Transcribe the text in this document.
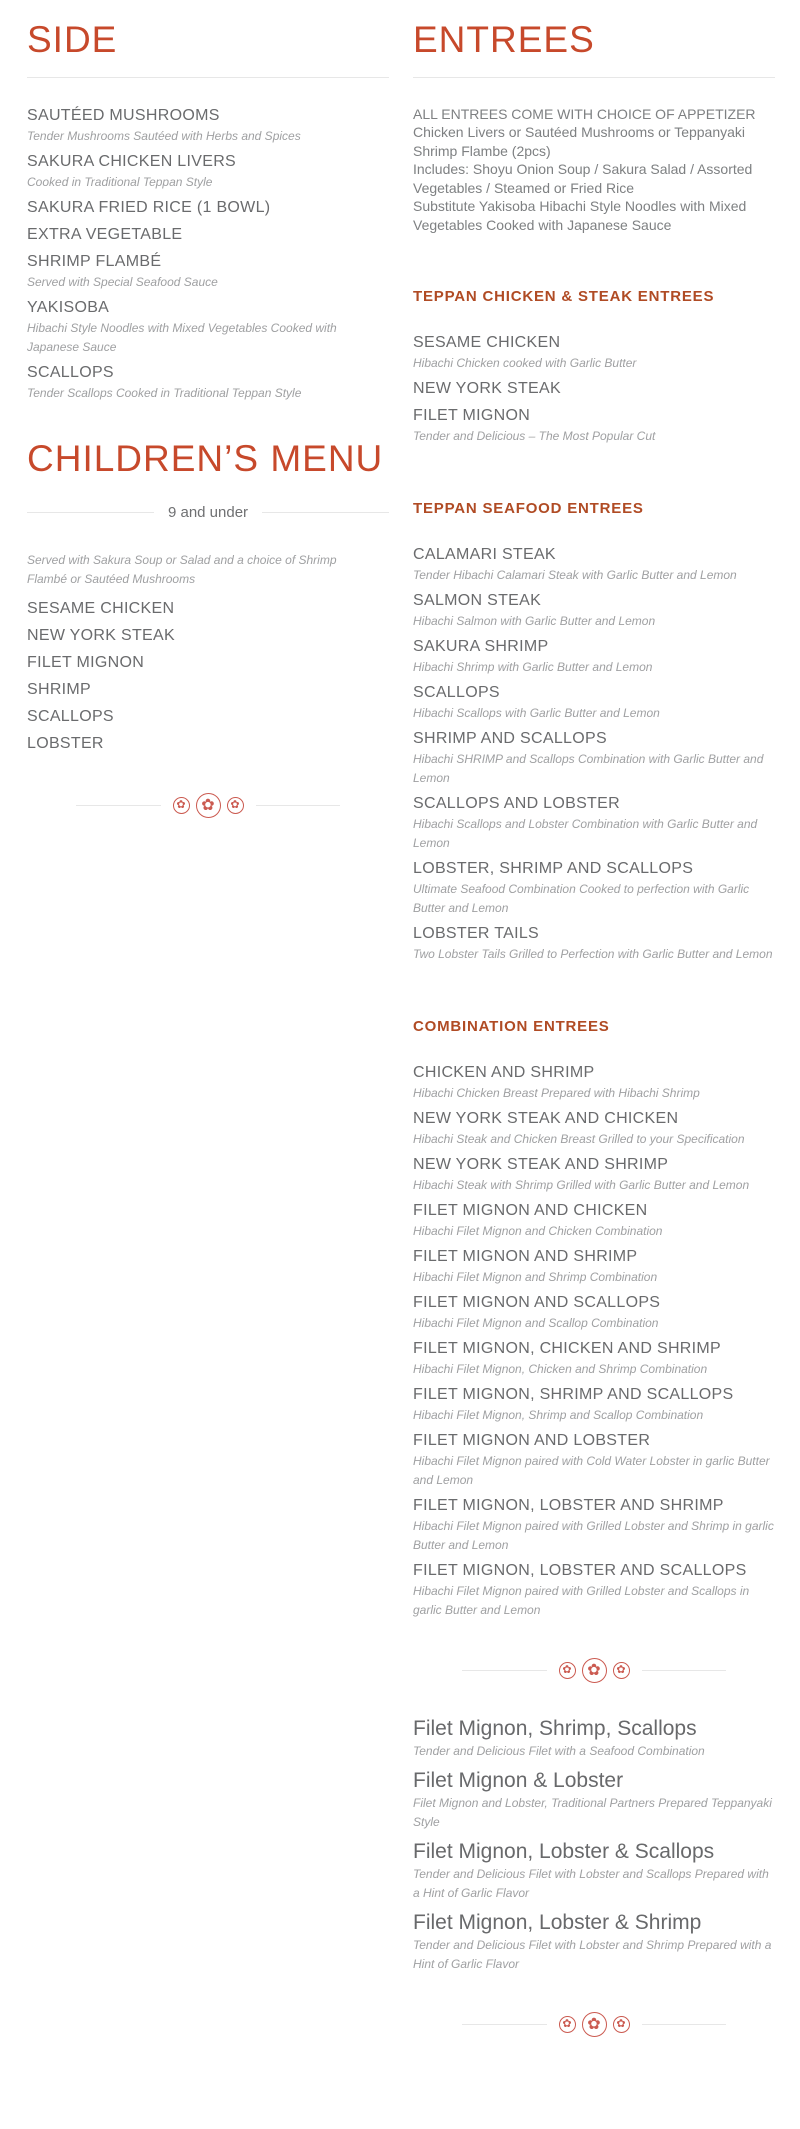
SIDE
SAUTÉED MUSHROOMS
Tender Mushrooms Sautéed with Herbs and Spices
SAKURA CHICKEN LIVERS
Cooked in Traditional Teppan Style
SAKURA FRIED RICE (1 BOWL)
EXTRA VEGETABLE
SHRIMP FLAMBÉ
Served with Special Seafood Sauce
YAKISOBA
Hibachi Style Noodles with Mixed Vegetables Cooked with Japanese Sauce
SCALLOPS
Tender Scallops Cooked in Traditional Teppan Style
CHILDREN’S MENU
9 and under

Served with Sakura Soup or Salad and a choice of Shrimp Flambé or Sautéed Mushrooms

SESAME CHICKEN
NEW YORK STEAK
FILET MIGNON
SHRIMP
SCALLOPS
LOBSTER
✿ ✿ ✿
ENTREES

ALL ENTREES COME WITH CHOICE OF APPETIZER

Chicken Livers or Sautéed Mushrooms or Teppanyaki Shrimp Flambe (2pcs)

Includes: Shoyu Onion Soup / Sakura Salad / Assorted Vegetables / Steamed or Fried Rice

Substitute Yakisoba Hibachi Style Noodles with Mixed Vegetables Cooked with Japanese Sauce

TEPPAN CHICKEN & STEAK ENTREES
SESAME CHICKEN
Hibachi Chicken cooked with Garlic Butter
NEW YORK STEAK
FILET MIGNON
Tender and Delicious – The Most Popular Cut
TEPPAN SEAFOOD ENTREES
CALAMARI STEAK
Tender Hibachi Calamari Steak with Garlic Butter and Lemon
SALMON STEAK
Hibachi Salmon with Garlic Butter and Lemon
SAKURA SHRIMP
Hibachi Shrimp with Garlic Butter and Lemon
SCALLOPS
Hibachi Scallops with Garlic Butter and Lemon
SHRIMP AND SCALLOPS
Hibachi SHRIMP and Scallops Combination with Garlic Butter and Lemon
SCALLOPS AND LOBSTER
Hibachi Scallops and Lobster Combination with Garlic Butter and Lemon
LOBSTER, SHRIMP AND SCALLOPS
Ultimate Seafood Combination Cooked to perfection with Garlic Butter and Lemon
LOBSTER TAILS
Two Lobster Tails Grilled to Perfection with Garlic Butter and Lemon
COMBINATION ENTREES
CHICKEN AND SHRIMP
Hibachi Chicken Breast Prepared with Hibachi Shrimp
NEW YORK STEAK AND CHICKEN
Hibachi Steak and Chicken Breast Grilled to your Specification
NEW YORK STEAK AND SHRIMP
Hibachi Steak with Shrimp Grilled with Garlic Butter and Lemon
FILET MIGNON AND CHICKEN
Hibachi Filet Mignon and Chicken Combination
FILET MIGNON AND SHRIMP
Hibachi Filet Mignon and Shrimp Combination
FILET MIGNON AND SCALLOPS
Hibachi Filet Mignon and Scallop Combination
FILET MIGNON, CHICKEN AND SHRIMP
Hibachi Filet Mignon, Chicken and Shrimp Combination
FILET MIGNON, SHRIMP AND SCALLOPS
Hibachi Filet Mignon, Shrimp and Scallop Combination
FILET MIGNON AND LOBSTER
Hibachi Filet Mignon paired with Cold Water Lobster in garlic Butter and Lemon
FILET MIGNON, LOBSTER AND SHRIMP
Hibachi Filet Mignon paired with Grilled Lobster and Shrimp in garlic Butter and Lemon
FILET MIGNON, LOBSTER AND SCALLOPS
Hibachi Filet Mignon paired with Grilled Lobster and Scallops in garlic Butter and Lemon
✿ ✿ ✿
Filet Mignon, Shrimp, Scallops
Tender and Delicious Filet with a Seafood Combination
Filet Mignon & Lobster
Filet Mignon and Lobster, Traditional Partners Prepared Teppanyaki Style
Filet Mignon, Lobster & Scallops
Tender and Delicious Filet with Lobster and Scallops Prepared with a Hint of Garlic Flavor
Filet Mignon, Lobster & Shrimp
Tender and Delicious Filet with Lobster and Shrimp Prepared with a Hint of Garlic Flavor
✿ ✿ ✿
